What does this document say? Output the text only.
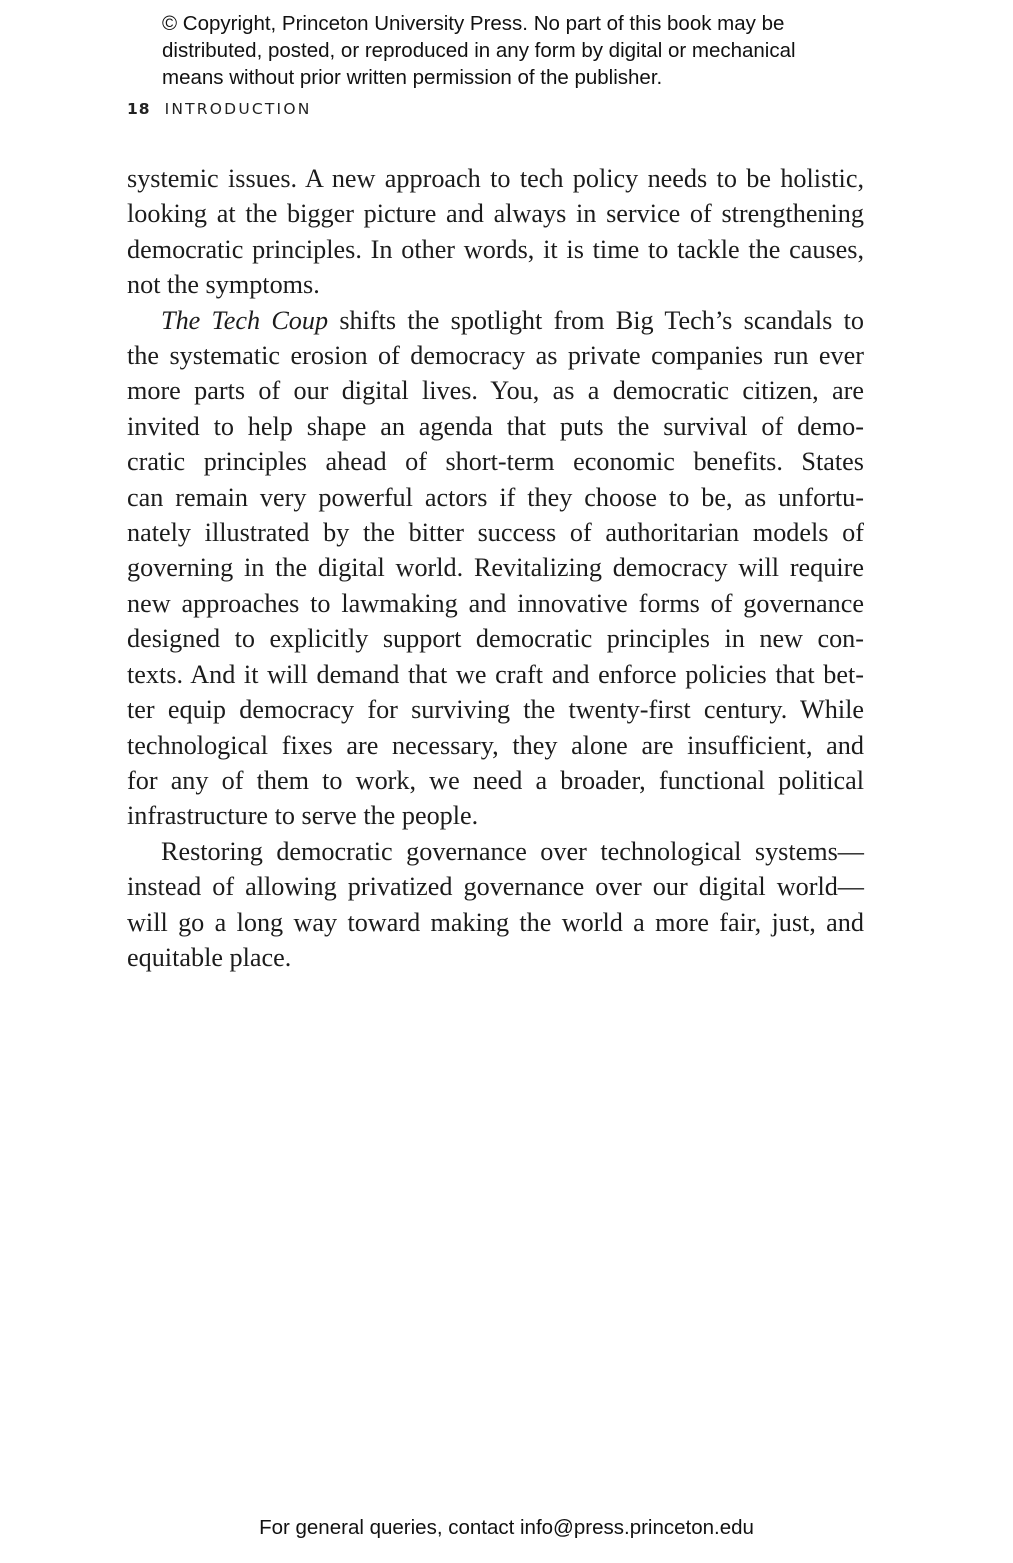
© Copyright, Princeton University Press. No part of this book may be
distributed, posted, or reproduced in any form by digital or mechanical
means without prior written permission of the publisher.
18 INTRODUCTION
systemic issues. A new approach to tech policy needs to be holistic,
looking at the bigger picture and always in service of strengthening
democratic principles. In other words, it is time to tackle the causes,
not the symptoms.
The Tech Coup shifts the spotlight from Big Tech’s scandals to
the systematic erosion of democracy as private companies run ever
more parts of our digital lives. You, as a democratic citizen, are
invited to help shape an agenda that puts the survival of demo-
cratic principles ahead of short-term economic benefits. States
can remain very powerful actors if they choose to be, as unfortu-
nately illustrated by the bitter success of authoritarian models of
governing in the digital world. Revitalizing democracy will require
new approaches to lawmaking and innovative forms of governance
designed to explicitly support democratic principles in new con-
texts. And it will demand that we craft and enforce policies that bet-
ter equip democracy for surviving the twenty-first century. While
technological fixes are necessary, they alone are insufficient, and
for any of them to work, we need a broader, functional political
infrastructure to serve the people.
Restoring democratic governance over technological systems—
instead of allowing privatized governance over our digital world—
will go a long way toward making the world a more fair, just, and
equitable place.
For general queries, contact info@press.princeton.edu
